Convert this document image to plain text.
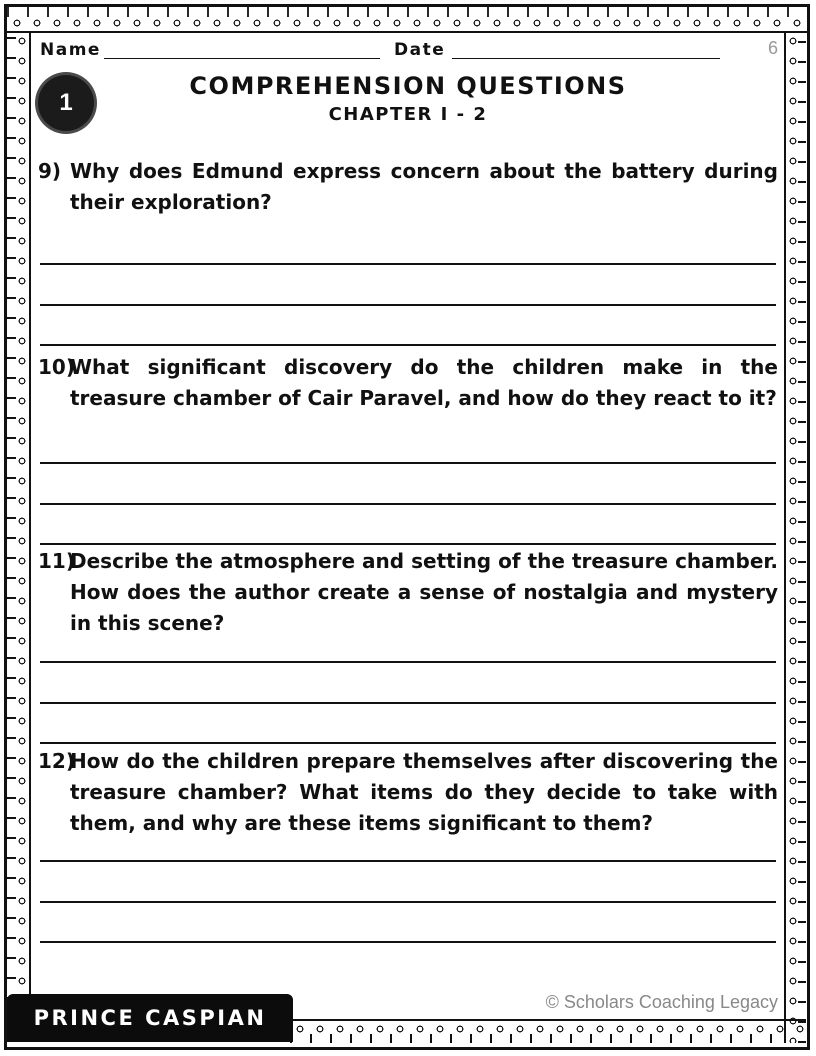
Name	Date	6
1
COMPREHENSION QUESTIONS
CHAPTER I - 2
9) Why does Edmund express concern about the battery during their exploration?
10)
What significant discovery do the children make in the treasure chamber of Cair Paravel, and how do they react to it?
11)
Describe the atmosphere and setting of the treasure chamber. How does the author create a sense of nostalgia and mystery in this scene?
12)
How do the children prepare themselves after discovering the treasure chamber? What items do they decide to take with them, and why are these items significant to them?
PRINCE CASPIAN
© Scholars Coaching Legacy
